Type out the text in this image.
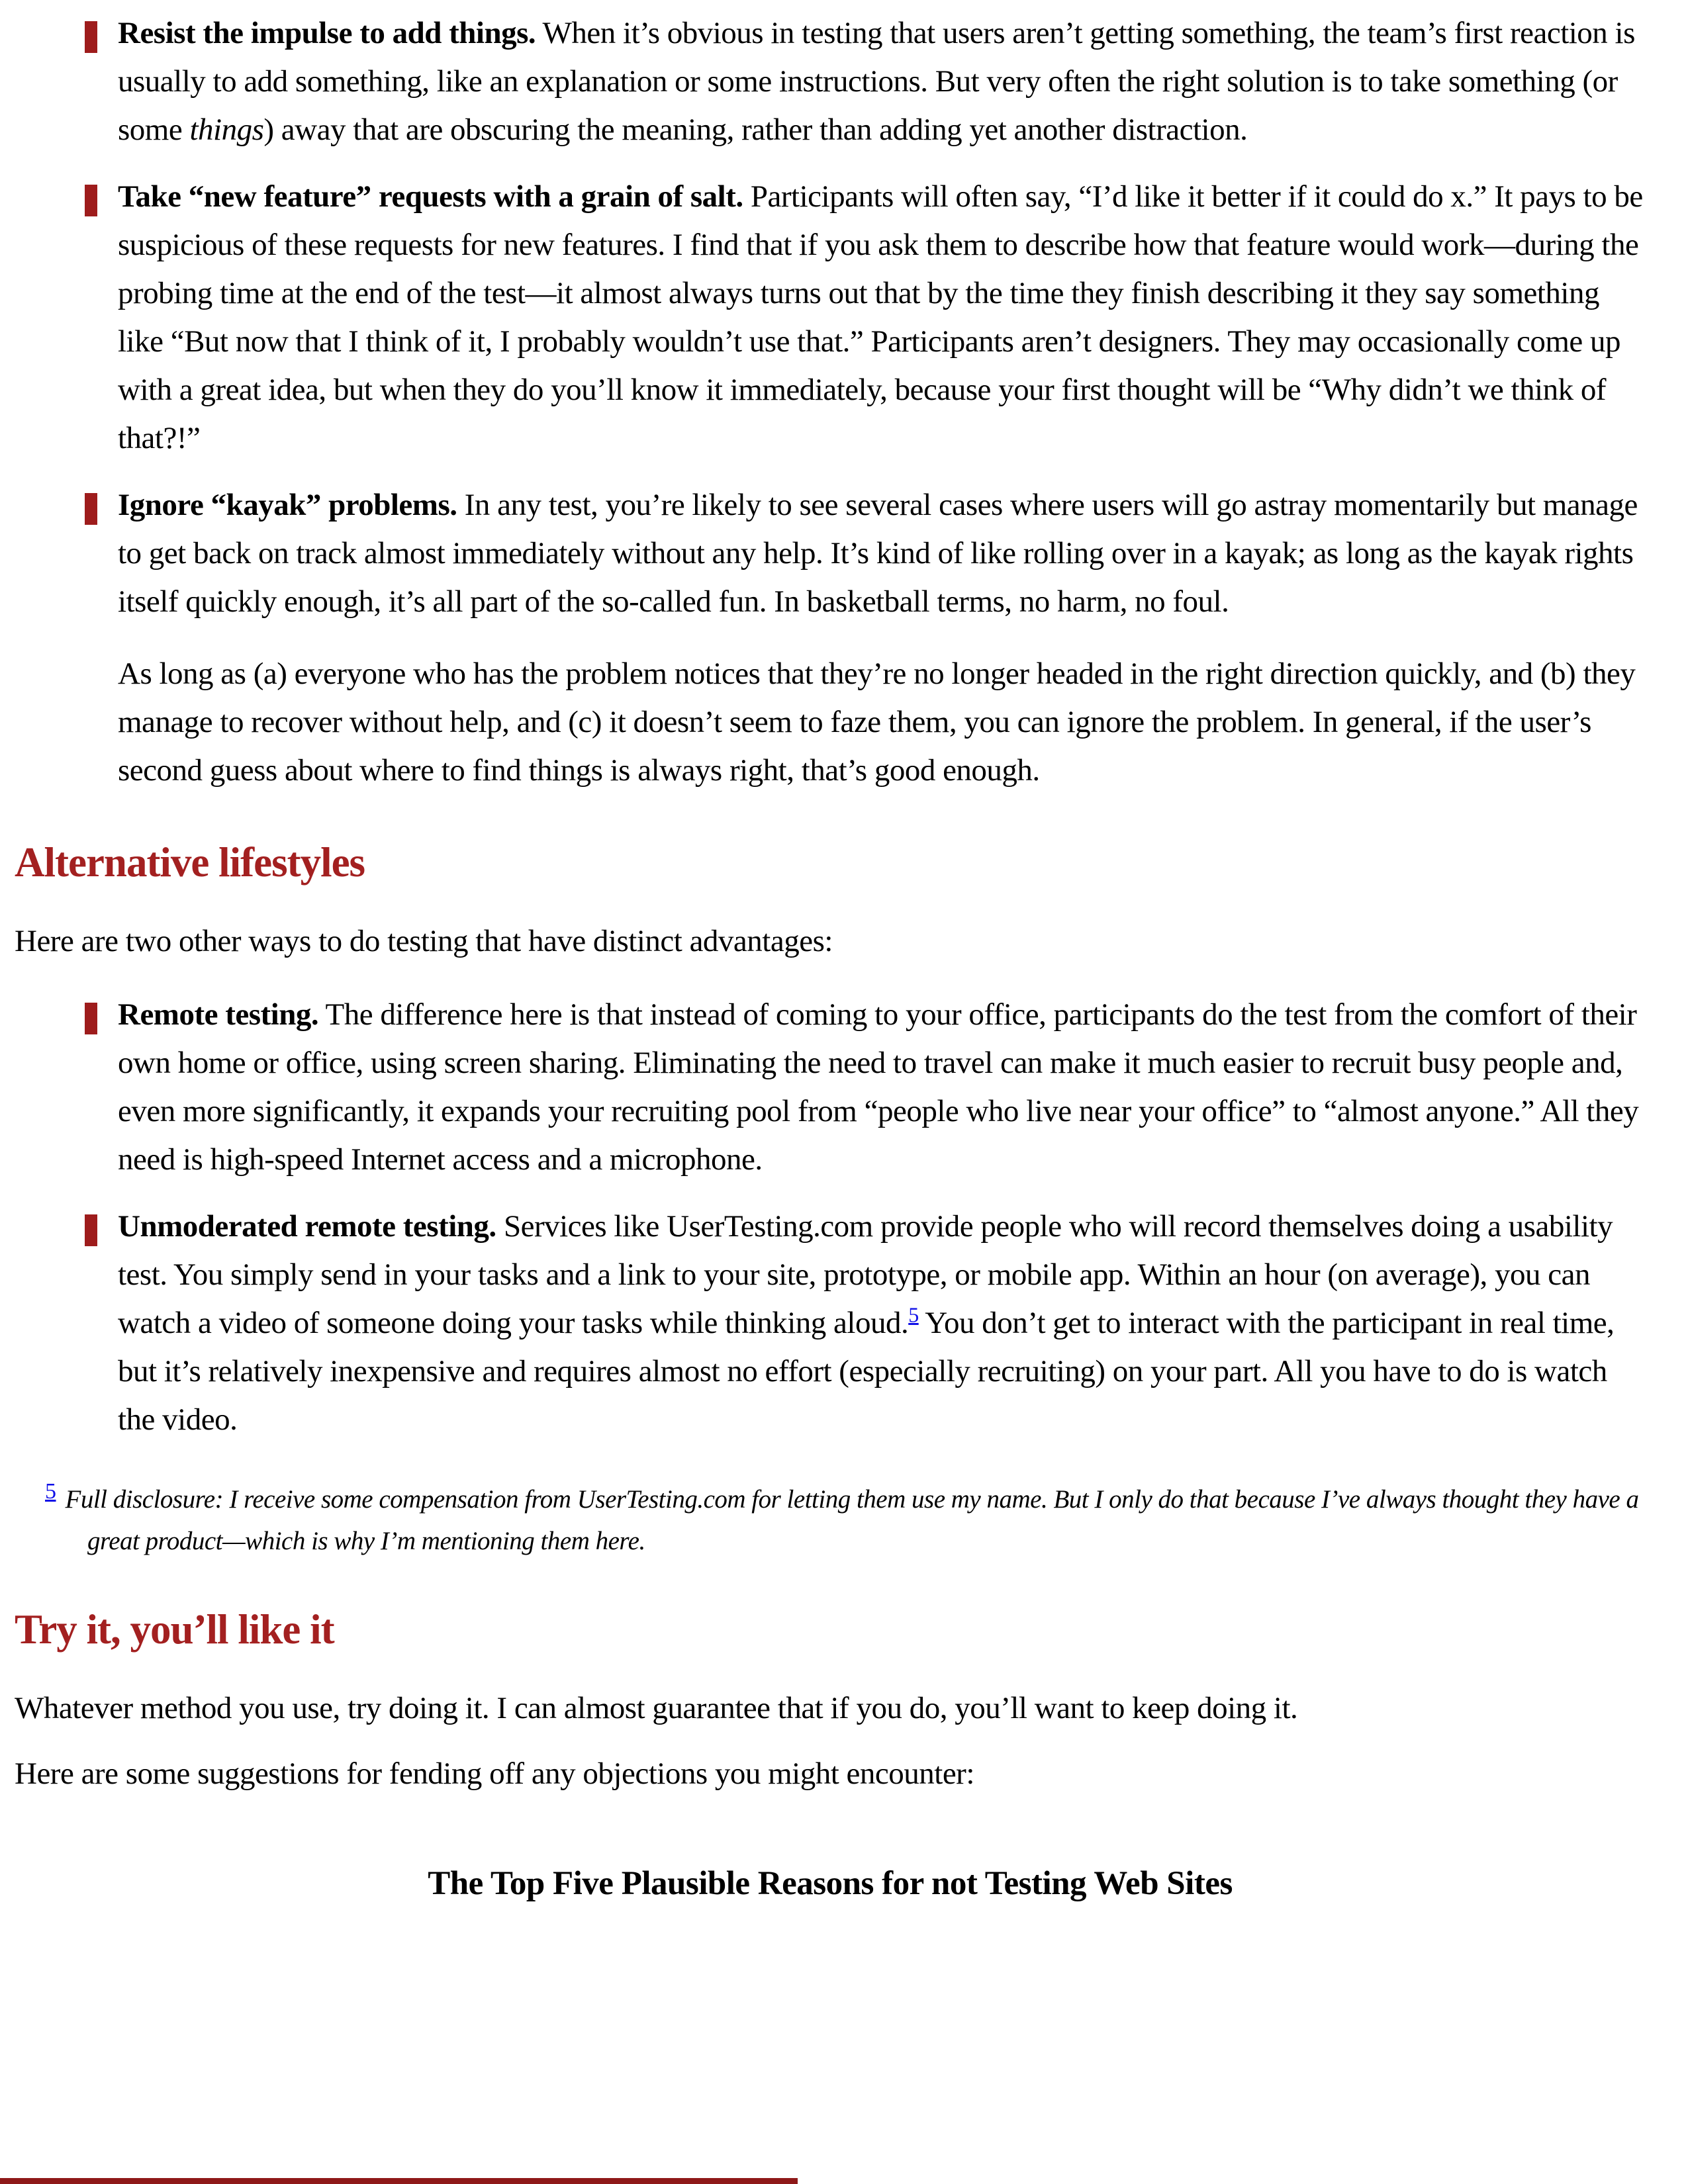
Resist the impulse to add things. When it’s obvious in testing that users aren’t getting something, the team’s first reaction is usually to add something, like an explanation or some instructions. But very often the right solution is to take something (or some things) away that are obscuring the meaning, rather than adding yet another distraction.

Take “new feature” requests with a grain of salt. Participants will often say, “I’d like it better if it could do x.” It pays to be suspicious of these requests for new features. I find that if you ask them to describe how that feature would work—during the probing time at the end of the test—it almost always turns out that by the time they finish describing it they say something like “But now that I think of it, I probably wouldn’t use that.” Participants aren’t designers. They may occasionally come up with a great idea, but when they do you’ll know it immediately, because your first thought will be “Why didn’t we think of that?!”

Ignore “kayak” problems. In any test, you’re likely to see several cases where users will go astray momentarily but manage to get back on track almost immediately without any help. It’s kind of like rolling over in a kayak; as long as the kayak rights itself quickly enough, it’s all part of the so-called fun. In basketball terms, no harm, no foul.

As long as (a) everyone who has the problem notices that they’re no longer headed in the right direction quickly, and (b) they manage to recover without help, and (c) it doesn’t seem to faze them, you can ignore the problem. In general, if the user’s second guess about where to find things is always right, that’s good enough.

Alternative lifestyles

Here are two other ways to do testing that have distinct advantages:

Remote testing. The difference here is that instead of coming to your office, participants do the test from the comfort of their own home or office, using screen sharing. Eliminating the need to travel can make it much easier to recruit busy people and, even more significantly, it expands your recruiting pool from “people who live near your office” to “almost anyone.” All they need is high-speed Internet access and a microphone.

Unmoderated remote testing. Services like UserTesting.com provide people who will record themselves doing a usability test. You simply send in your tasks and a link to your site, prototype, or mobile app. Within an hour (on average), you can watch a video of someone doing your tasks while thinking aloud.$^5$ You don’t get to interact with the participant in real time, but it’s relatively inexpensive and requires almost no effort (especially recruiting) on your part. All you have to do is watch the video.

$^5$ Full disclosure: I receive some compensation from UserTesting.com for letting them use my name. But I only do that because I’ve always thought they have a great product—which is why I’m mentioning them here.

Try it, you’ll like it

Whatever method you use, try doing it. I can almost guarantee that if you do, you’ll want to keep doing it.

Here are some suggestions for fending off any objections you might encounter:

The Top Five Plausible Reasons for not Testing Web Sites
